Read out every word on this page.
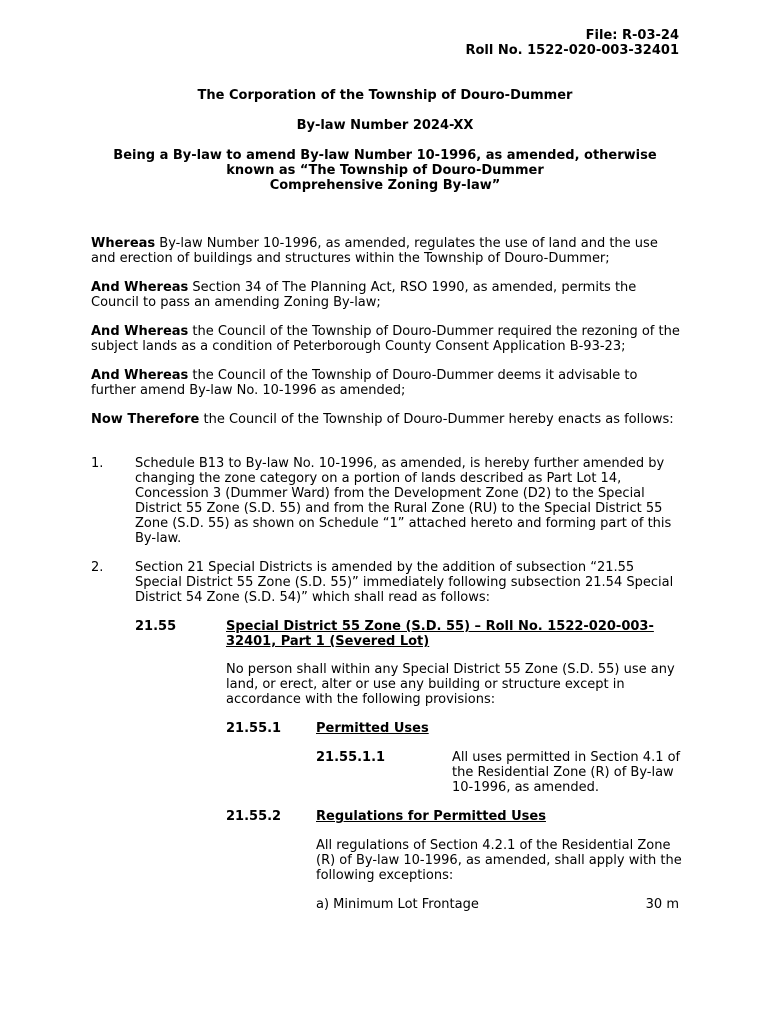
File: R-03-24
Roll No. 1522-020-003-32401
The Corporation of the Township of Douro-Dummer
By-law Number 2024-XX
Being a By-law to amend By-law Number 10-1996, as amended, otherwise
known as “The Township of Douro-Dummer
Comprehensive Zoning By-law”
Whereas By-law Number 10-1996, as amended, regulates the use of land and the use and erection of buildings and structures within the Township of Douro-Dummer;
And Whereas Section 34 of The Planning Act, RSO 1990, as amended, permits the Council to pass an amending Zoning By-law;
And Whereas the Council of the Township of Douro-Dummer required the rezoning of the subject lands as a condition of Peterborough County Consent Application B-93-23;
And Whereas the Council of the Township of Douro-Dummer deems it advisable to further amend By-law No. 10-1996 as amended;
Now Therefore the Council of the Township of Douro-Dummer hereby enacts as follows:
1. Schedule B13 to By-law No. 10-1996, as amended, is hereby further amended by changing the zone category on a portion of lands described as Part Lot 14, Concession 3 (Dummer Ward) from the Development Zone (D2) to the Special District 55 Zone (S.D. 55) and from the Rural Zone (RU) to the Special District 55 Zone (S.D. 55) as shown on Schedule “1” attached hereto and forming part of this By-law.
2. Section 21 Special Districts is amended by the addition of subsection “21.55 Special District 55 Zone (S.D. 55)” immediately following subsection 21.54 Special District 54 Zone (S.D. 54)” which shall read as follows:
21.55	Special District 55 Zone (S.D. 55) – Roll No. 1522-020-003-32401, Part 1 (Severed Lot)
No person shall within any Special District 55 Zone (S.D. 55) use any land, or erect, alter or use any building or structure except in accordance with the following provisions:
21.55.1	Permitted Uses
21.55.1.1	All uses permitted in Section 4.1 of the Residential Zone (R) of By-law 10-1996, as amended.
21.55.2	Regulations for Permitted Uses
All regulations of Section 4.2.1 of the Residential Zone (R) of By-law 10-1996, as amended, shall apply with the following exceptions:
a) Minimum Lot Frontage	30 m
